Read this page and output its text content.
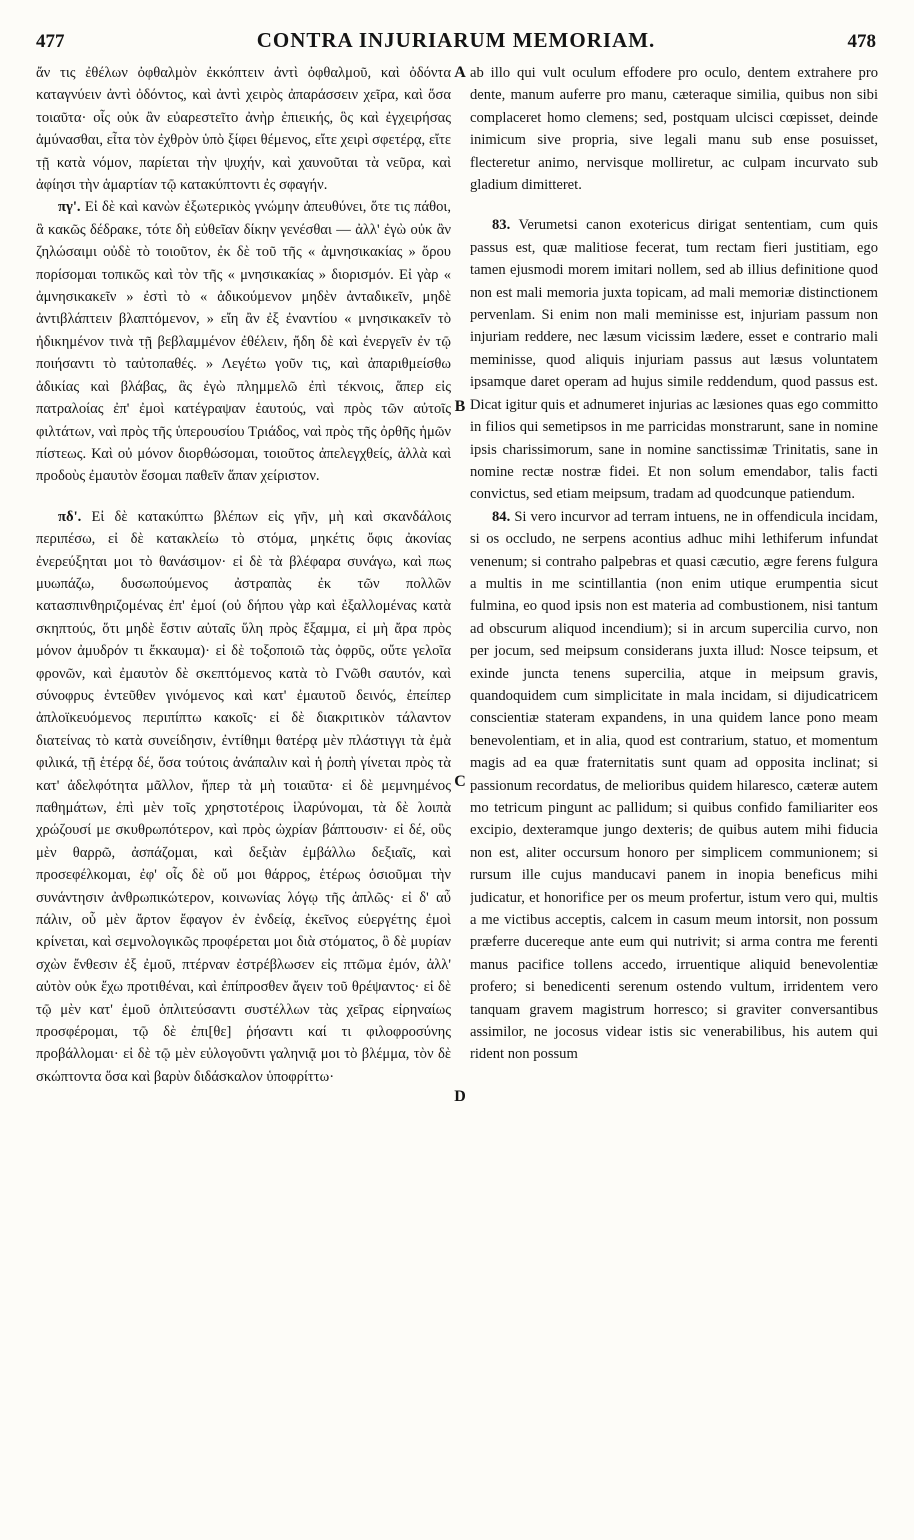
477	CONTRA INJURIARUM MEMORIAM.	478

ἄν τις ἐθέλων ὀφθαλμὸν ἐκκόπτειν ἀντὶ ὀφθαλμοῦ, καὶ ὀδόντα καταγνύειν ἀντὶ ὀδόντος, καὶ ἀντὶ χειρὸς ἀπαράσσειν χεῖρα, καὶ ὅσα τοιαῦτα· οἷς οὐκ ἂν εὐαρεστεῖτο ἀνὴρ ἐπιεικής, ὃς καὶ ἐγχειρήσας ἀμύνασθαι, εἶτα τὸν ἐχθρὸν ὑπὸ ξίφει θέμενος, εἴτε χειρὶ σφετέρᾳ, εἴτε τῇ κατὰ νόμον, παρίεται τὴν ψυχήν, καὶ χαυνοῦται τὰ νεῦρα, καὶ ἀφίησι τὴν ἁμαρτίαν τῷ κατακύπτοντι ἐς σφαγήν.

πγ'. Εἰ δὲ καὶ κανὼν ἐξωτερικὸς γνώμην ἀπευθύνει, ὅτε τις πάθοι, ἃ κακῶς δέδρακε, τότε δὴ εὐθεῖαν δίκην γενέσθαι — ἀλλ' ἐγὼ οὐκ ἂν ζηλώσαιμι οὐδὲ τὸ τοιοῦτον, ἐκ δὲ τοῦ τῆς « ἀμνησικακίας » ὅρου πορίσομαι τοπικῶς καὶ τὸν τῆς « μνησικακίας » διορισμόν. Εἰ γὰρ « ἀμνησικακεῖν » ἐστὶ τὸ « ἀδικούμενον μηδὲν ἀνταδικεῖν, μηδὲ ἀντιβλάπτειν βλαπτόμενον, » εἴη ἂν ἐξ ἐναντίου « μνησικακεῖν τὸ ἠδικημένον τινὰ τῇ βεβλαμμένον ἐθέλειν, ἤδη δὲ καὶ ἐνεργεῖν ἐν τῷ ποιήσαντι τὸ ταὐτοπαθές. » Λεγέτω γοῦν τις, καὶ ἀπαριθμείσθω ἀδικίας καὶ βλάβας, ἃς ἐγὼ πλημμελῶ ἐπὶ τέκνοις, ἅπερ εἰς πατραλοίας ἐπ' ἐμοὶ κατέγραψαν ἑαυτούς, ναὶ πρὸς τῶν αὐτοῖς φιλτάτων, ναὶ πρὸς τῆς ὑπερουσίου Τριάδος, ναὶ πρὸς τῆς ὀρθῆς ἡμῶν πίστεως. Καὶ οὐ μόνον διορθώσομαι, τοιοῦτος ἀπελεγχθείς, ἀλλὰ καὶ προδοὺς ἐμαυτὸν ἔσομαι παθεῖν ἅπαν χείριστον.

πδ'. Εἰ δὲ κατακύπτω βλέπων εἰς γῆν, μὴ καὶ σκανδάλοις περιπέσω, εἰ δὲ κατακλείω τὸ στόμα, μηκέτις ὄφις ἀκονίας ἐνερεύξηται μοι τὸ θανάσιμον· εἰ δὲ τὰ βλέφαρα συνάγω, καὶ πως μυωπάζω, δυσωπούμενος ἀστραπὰς ἐκ τῶν πολλῶν κατασπινθηριζομένας ἐπ' ἐμοί (οὐ δήπου γὰρ καὶ ἐξαλλομένας κατὰ σκηπτούς, ὅτι μηδὲ ἔστιν αὐταῖς ὕλη πρὸς ἔξαμμα, εἰ μὴ ἄρα πρὸς μόνον ἀμυδρόν τι ἔκκαυμα)· εἰ δὲ τοξοποιῶ τὰς ὀφρῦς, οὔτε γελοῖα φρονῶν, καὶ ἐμαυτὸν δὲ σκεπτόμενος κατὰ τὸ Γνῶθι σαυτόν, καὶ σύνοφρυς ἐντεῦθεν γινόμενος καὶ κατ' ἐμαυτοῦ δεινός, ἐπείπερ ἀπλοϊκευόμενος περιπίπτω κακοῖς· εἰ δὲ διακριτικὸν τάλαντον διατείνας τὸ κατὰ συνείδησιν, ἐντίθημι θατέρᾳ μὲν πλάστιγγι τὰ ἐμὰ φιλικά, τῇ ἑτέρᾳ δέ, ὅσα τούτοις ἀνάπαλιν καὶ ἡ ῥοπὴ γίνεται πρὸς τὰ κατ' ἀδελφότητα μᾶλλον, ἤπερ τὰ μὴ τοιαῦτα· εἰ δὲ μεμνημένος παθημάτων, ἐπὶ μὲν τοῖς χρηστοτέροις ἱλαρύνομαι, τὰ δὲ λοιπὰ χρώζουσί με σκυθρωπότερον, καὶ πρὸς ὠχρίαν βάπτουσιν· εἰ δέ, οὓς μὲν θαρρῶ, ἀσπάζομαι, καὶ δεξιὰν ἐμβάλλω δεξιαῖς, καὶ προσεφέλκομαι, ἐφ' οἷς δὲ οὔ μοι θάρρος, ἑτέρως ὁσιοῦμαι τὴν συνάντησιν ἀνθρωπικώτερον, κοινωνίας λόγῳ τῆς ἁπλῶς· εἰ δ' αὖ πάλιν, οὗ μὲν ἄρτον ἔφαγον ἐν ἐνδείᾳ, ἐκεῖνος εὐεργέτης ἐμοὶ κρίνεται, καὶ σεμνολογικῶς προφέρεται μοι διὰ στόματος, ὃ δὲ μυρίαν σχὼν ἔνθεσιν ἐξ ἐμοῦ, πτέρναν ἐστρέβλωσεν εἰς πτῶμα ἐμόν, ἀλλ' αὐτὸν οὐκ ἔχω προτιθέναι, καὶ ἐπίπροσθεν ἄγειν τοῦ θρέψαντος· εἰ δὲ τῷ μὲν κατ' ἐμοῦ ὁπλιτεύσαντι συστέλλων τὰς χεῖρας εἰρηναίως προσφέρομαι, τῷ δὲ ἐπι[θε] ῥήσαντι καί τι φιλοφροσύνης προβάλλομαι· εἰ δὲ τῷ μὲν εὐλογοῦντι γαληνιᾷ μοι τὸ βλέμμα, τὸν δὲ σκώπτοντα ὅσα καὶ βαρὺν διδάσκαλον ὑποφρίττω·

A
B
C
D

ab illo qui vult oculum effodere pro oculo, dentem extrahere pro dente, manum auferre pro manu, cæteraque similia, quibus non sibi complaceret homo clemens; sed, postquam ulcisci cœpisset, deinde inimicum sive propria, sive legali manu sub ense posuisset, flecteretur animo, nervisque molliretur, ac culpam incurvato sub gladium dimitteret.

83. Verumetsi canon exotericus dirigat sententiam, cum quis passus est, quæ malitiose fecerat, tum rectam fieri justitiam, ego tamen ejusmodi morem imitari nollem, sed ab illius definitione quod non est mali memoria juxta topicam, ad mali memoriæ distinctionem pervenlam. Si enim non mali meminisse est, injuriam passum non injuriam reddere, nec læsum vicissim lædere, esset e contrario mali meminisse, quod aliquis injuriam passus aut læsus voluntatem ipsamque daret operam ad hujus simile reddendum, quod passus est. Dicat igitur quis et adnumeret injurias ac læsiones quas ego committo in filios qui semetipsos in me parricidas monstrarunt, sane in nomine ipsis charissimorum, sane in nomine sanctissimæ Trinitatis, sane in nomine rectæ nostræ fidei. Et non solum emendabor, talis facti convictus, sed etiam meipsum, tradam ad quodcunque patiendum.

84. Si vero incurvor ad terram intuens, ne in offendicula incidam, si os occludo, ne serpens acontius adhuc mihi lethiferum infundat venenum; si contraho palpebras et quasi cæcutio, ægre ferens fulgura a multis in me scintillantia (non enim utique erumpentia sicut fulmina, eo quod ipsis non est materia ad combustionem, nisi tantum ad obscurum aliquod incendium); si in arcum supercilia curvo, non per jocum, sed meipsum considerans juxta illud: Nosce teipsum, et exinde juncta tenens supercilia, atque in meipsum gravis, quandoquidem cum simplicitate in mala incidam, si dijudicatricem conscientiæ stateram expandens, in una quidem lance pono meam benevolentiam, et in alia, quod est contrarium, statuo, et momentum magis ad ea quæ fraternitatis sunt quam ad opposita inclinat; si passionum recordatus, de melioribus quidem hilaresco, cæteræ autem mo tetricum pingunt ac pallidum; si quibus confido familiariter eos excipio, dexteramque jungo dexteris; de quibus autem mihi fiducia non est, aliter occursum honoro per simplicem communionem; si rursum ille cujus manducavi panem in inopia beneficus mihi judicatur, et honorifice per os meum profertur, istum vero qui, multis a me victibus acceptis, calcem in casum meum intorsit, non possum præferre ducereque ante eum qui nutrivit; si arma contra me ferenti manus pacifice tollens accedo, irruentique aliquid benevolentiæ profero; si benedicenti serenum ostendo vultum, irridentem vero tanquam gravem magistrum horresco; si graviter conversantibus assimilor, ne jocosus videar istis sic venerabilibus, his autem qui rident non possum
